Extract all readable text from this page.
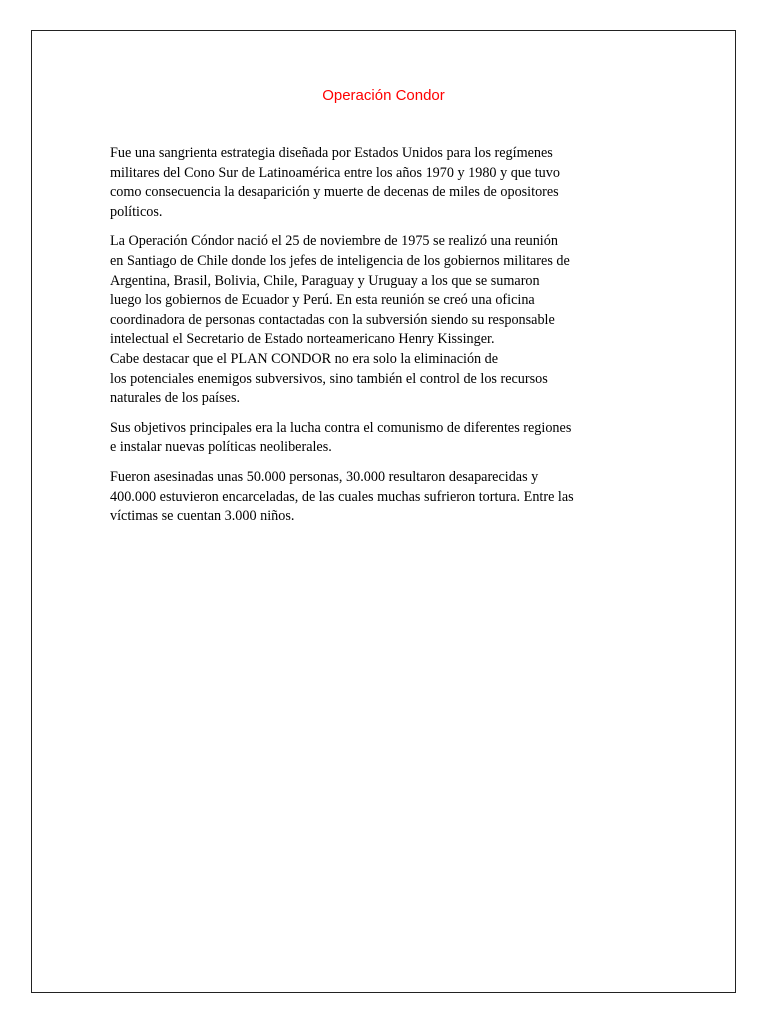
Operación Condor

Fue una sangrienta estrategia diseñada por Estados Unidos para los regímenes
militares del Cono Sur de Latinoamérica entre los años 1970 y 1980 y que tuvo
como consecuencia la desaparición y muerte de decenas de miles de opositores
políticos.

La Operación Cóndor nació el 25 de noviembre de 1975 se realizó una reunión
en Santiago de Chile donde los jefes de inteligencia de los gobiernos militares de
Argentina, Brasil, Bolivia, Chile, Paraguay y Uruguay a los que se sumaron
luego los gobiernos de Ecuador y Perú. En esta reunión se creó una oficina
coordinadora de personas contactadas con la subversión siendo su responsable
intelectual el Secretario de Estado norteamericano Henry Kissinger.
Cabe destacar que el PLAN CONDOR no era solo la eliminación de
los potenciales enemigos subversivos, sino también el control de los recursos
naturales de los países.

Sus objetivos principales era la lucha contra el comunismo de diferentes regiones
e instalar nuevas políticas neoliberales.

Fueron asesinadas unas 50.000 personas, 30.000 resultaron desaparecidas y
400.000 estuvieron encarceladas, de las cuales muchas sufrieron tortura. Entre las
víctimas se cuentan 3.000 niños.
